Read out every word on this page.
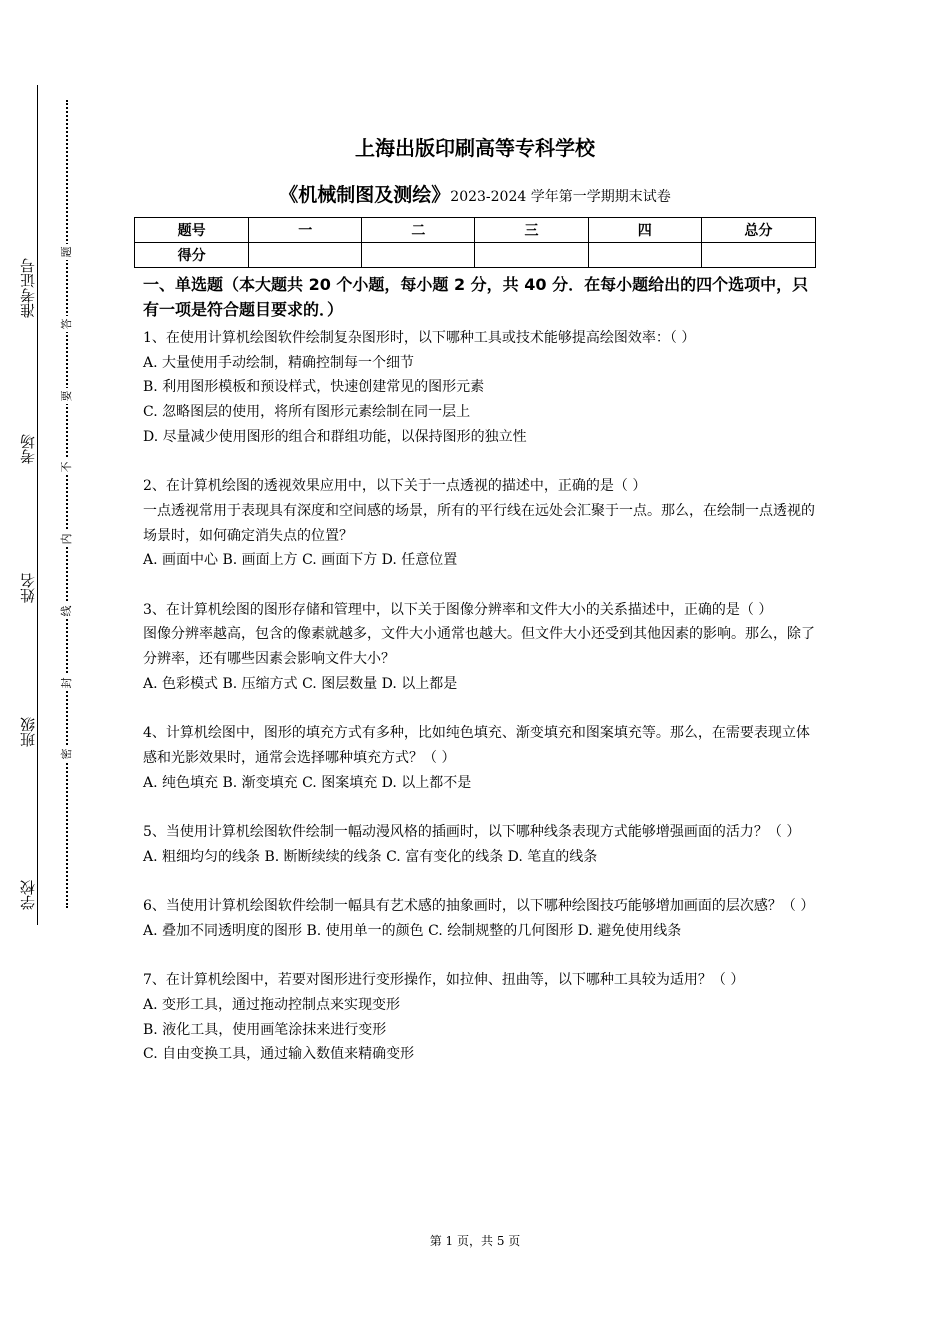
准考证号
考场
姓名
班级
学校
题
答
要
不
内
线
封
密
上海出版印刷高等专科学校
《机械制图及测绘》2023-2024 学年第一学期期末试卷
题号	一	二	三	四	总分
得分					
一、单选题（本大题共 20 个小题，每小题 2 分，共 40 分．在每小题给出的四个选项中，只有一项是符合题目要求的．）

1、在使用计算机绘图软件绘制复杂图形时，以下哪种工具或技术能够提高绘图效率：（ ）

A. 大量使用手动绘制，精确控制每一个细节

B. 利用图形模板和预设样式，快速创建常见的图形元素

C. 忽略图层的使用，将所有图形元素绘制在同一层上

D. 尽量减少使用图形的组合和群组功能，以保持图形的独立性

2、在计算机绘图的透视效果应用中，以下关于一点透视的描述中，正确的是（ ）

一点透视常用于表现具有深度和空间感的场景，所有的平行线在远处会汇聚于一点。那么，在绘制一点透视的场景时，如何确定消失点的位置？

A. 画面中心 B. 画面上方 C. 画面下方 D. 任意位置

3、在计算机绘图的图形存储和管理中，以下关于图像分辨率和文件大小的关系描述中，正确的是（ ）

图像分辨率越高，包含的像素就越多，文件大小通常也越大。但文件大小还受到其他因素的影响。那么，除了分辨率，还有哪些因素会影响文件大小？

A. 色彩模式 B. 压缩方式 C. 图层数量 D. 以上都是

4、计算机绘图中，图形的填充方式有多种，比如纯色填充、渐变填充和图案填充等。那么，在需要表现立体感和光影效果时，通常会选择哪种填充方式？（ ）

A. 纯色填充 B. 渐变填充 C. 图案填充 D. 以上都不是

5、当使用计算机绘图软件绘制一幅动漫风格的插画时，以下哪种线条表现方式能够增强画面的活力？（ ）

A. 粗细均匀的线条 B. 断断续续的线条 C. 富有变化的线条 D. 笔直的线条

6、当使用计算机绘图软件绘制一幅具有艺术感的抽象画时，以下哪种绘图技巧能够增加画面的层次感？（ ）

A. 叠加不同透明度的图形 B. 使用单一的颜色 C. 绘制规整的几何图形 D. 避免使用线条

7、在计算机绘图中，若要对图形进行变形操作，如拉伸、扭曲等，以下哪种工具较为适用？（ ）

A. 变形工具，通过拖动控制点来实现变形

B. 液化工具，使用画笔涂抹来进行变形

C. 自由变换工具，通过输入数值来精确变形

第 1 页，共 5 页
